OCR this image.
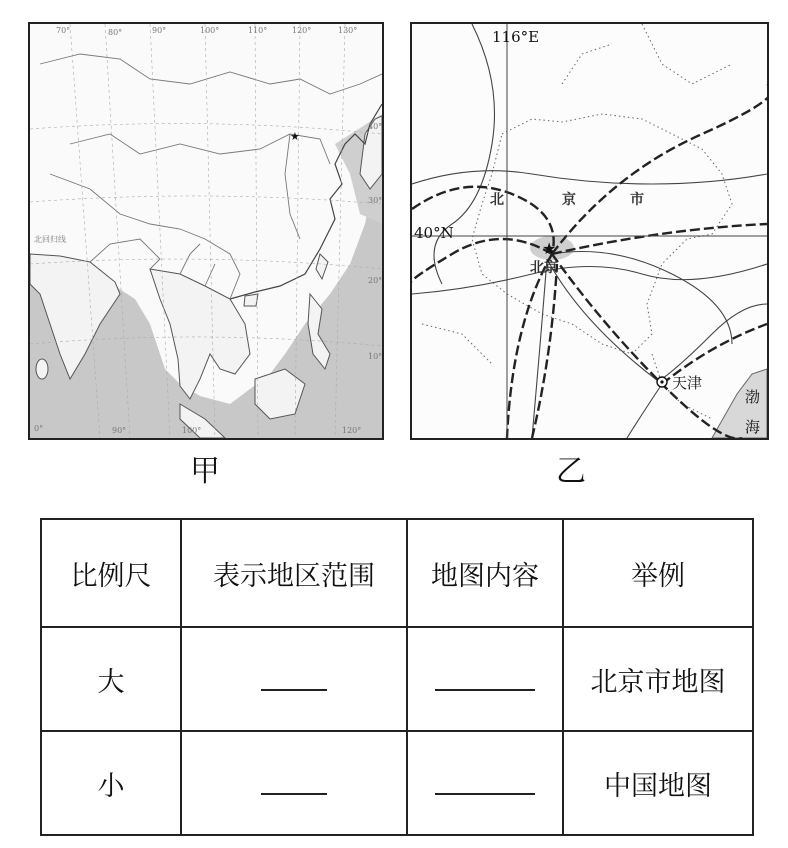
★
70°	80°	90°	100°	110°	120°	130°
0°	90°	100°	120°
40°
30°
20°
10°
北回归线
甲
★
116°E
40°N
北	京	市
北京
天津
渤
海
乙
比例尺	表示地区范围	地图内容	举例
大			北京市地图
小			中国地图
